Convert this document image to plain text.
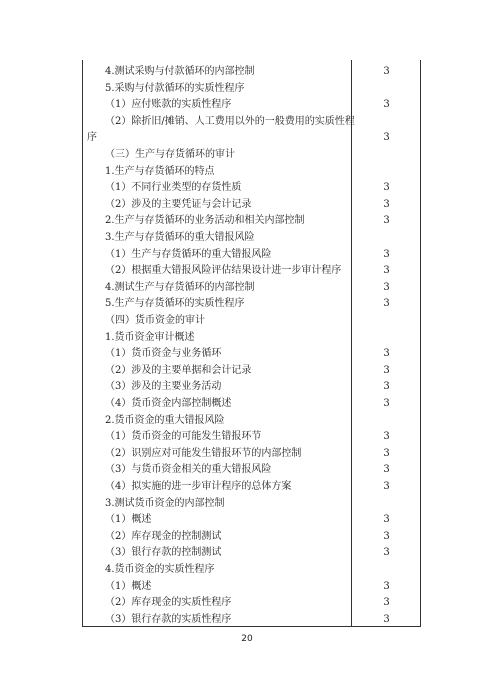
4.测试采购与付款循环的内部控制	3
5.采购与付款循环的实质性程序
（1）应付账款的实质性程序	3
（2）除折旧/摊销、人工费用以外的一般费用的实质性程
序	3
（三）生产与存货循环的审计
1.生产与存货循环的特点
（1）不同行业类型的存货性质	3
（2）涉及的主要凭证与会计记录	3
2.生产与存货循环的业务活动和相关内部控制	3
3.生产与存货循环的重大错报风险
（1）生产与存货循环的重大错报风险	3
（2）根据重大错报风险评估结果设计进一步审计程序	3
4.测试生产与存货循环的内部控制	3
5.生产与存货循环的实质性程序	3
（四）货币资金的审计
1.货币资金审计概述
（1）货币资金与业务循环	3
（2）涉及的主要单据和会计记录	3
（3）涉及的主要业务活动	3
（4）货币资金内部控制概述	3
2.货币资金的重大错报风险
（1）货币资金的可能发生错报环节	3
（2）识别应对可能发生错报环节的内部控制	3
（3）与货币资金相关的重大错报风险	3
（4）拟实施的进一步审计程序的总体方案	3
3.测试货币资金的内部控制
（1）概述	3
（2）库存现金的控制测试	3
（3）银行存款的控制测试	3
4.货币资金的实质性程序
（1）概述	3
（2）库存现金的实质性程序	3
（3）银行存款的实质性程序	3
20
